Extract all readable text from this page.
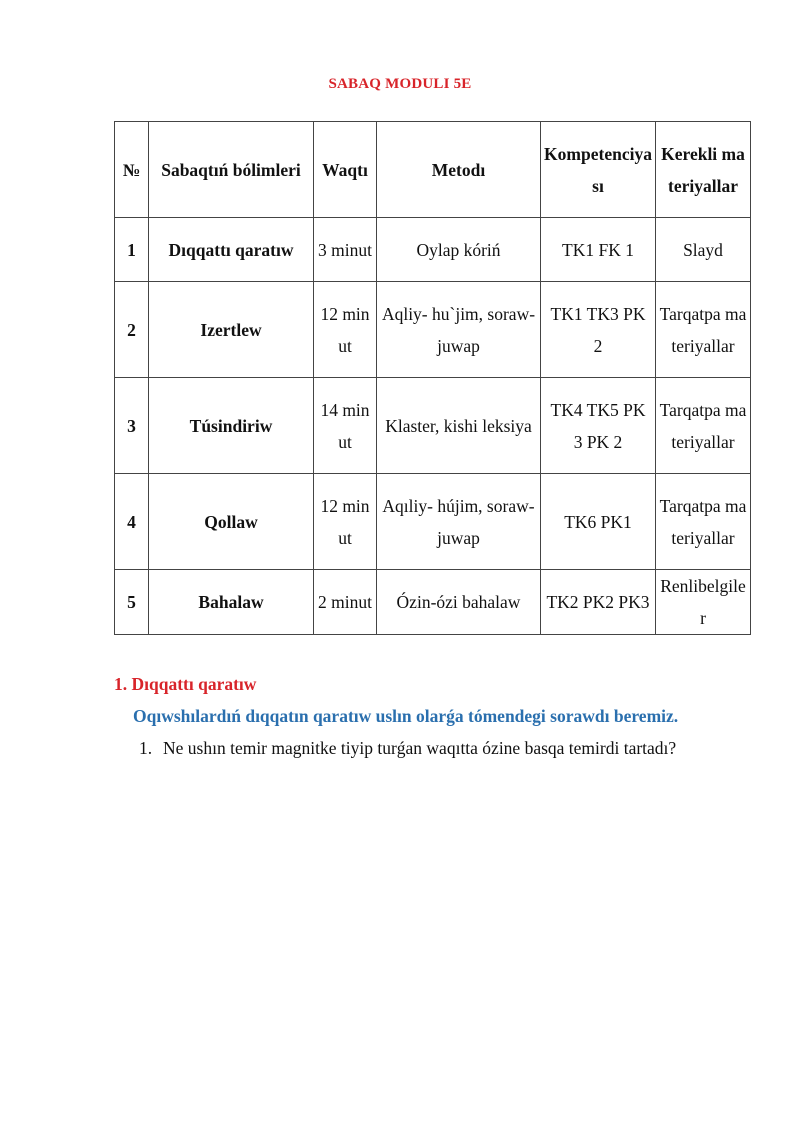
SABAQ MODULI 5E
№	Sabaqtıń bólimleri	Waqtı	Metodı	Kompetenciyası	Kerekli materiyallar
1	Dıqqattı qaratıw	3 minut	Oylap kóriń	TK1 FK 1	Slayd
2	Izertlew	12 minut	Aqliy- hu`jim, soraw- juwap	TK1 TK3 PK 2	Tarqatpa materiyallar
3	Túsindiriw	14 minut	Klaster, kishi leksiya	TK4 TK5 PK 3 PK 2	Tarqatpa materiyallar
4	Qollaw	12 minut	Aqıliy- hújim, soraw- juwap	TK6 PK1	Tarqatpa materiyallar
5	Bahalaw	2 minut	Ózin-ózi bahalaw	TK2 PK2 PK3	Renlibelgiler
1. Dıqqattı qaratıw
Oqıwshılardıń dıqqatın qaratıw uslın olarǵa tómendegi sorawdı beremiz.
1. Ne ushın temir magnitke tiyip turǵan waqıtta ózine basqa temirdi tartadı?
